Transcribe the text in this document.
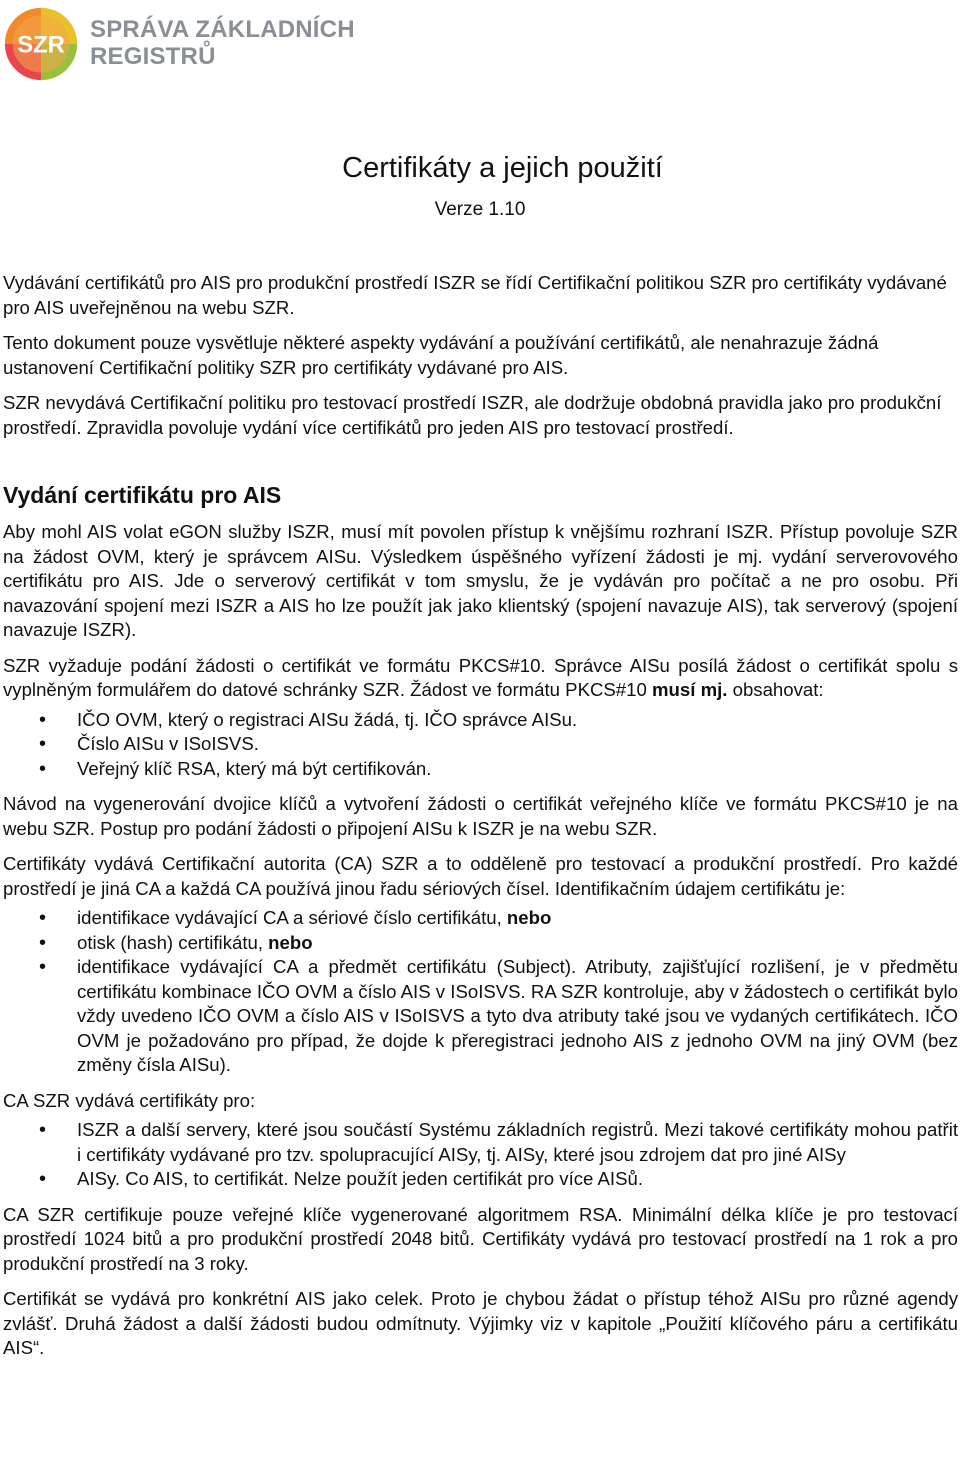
SZR
SPRÁVA ZÁKLADNÍCH
REGISTRŮ
Certifikáty a jejich použití
Verze 1.10

Vydávání certifikátů pro AIS pro produkční prostředí ISZR se řídí Certifikační politikou SZR pro certifikáty vydávané pro AIS uveřejněnou na webu SZR.

Tento dokument pouze vysvětluje některé aspekty vydávání a používání certifikátů, ale nenahrazuje žádná ustanovení Certifikační politiky SZR pro certifikáty vydávané pro AIS.

SZR nevydává Certifikační politiku pro testovací prostředí ISZR, ale dodržuje obdobná pravidla jako pro produkční prostředí. Zpravidla povoluje vydání více certifikátů pro jeden AIS pro testovací prostředí.

Vydání certifikátu pro AIS

Aby mohl AIS volat eGON služby ISZR, musí mít povolen přístup k vnějšímu rozhraní ISZR. Přístup povoluje SZR na žádost OVM, který je správcem AISu. Výsledkem úspěšného vyřízení žádosti je mj. vydání serverovového certifikátu pro AIS. Jde o serverový certifikát v tom smyslu, že je vydáván pro počítač a ne pro osobu. Při navazování spojení mezi ISZR a AIS ho lze použít jak jako klientský (spojení navazuje AIS), tak serverový (spojení navazuje ISZR).

SZR vyžaduje podání žádosti o certifikát ve formátu PKCS#10. Správce AISu posílá žádost o certifikát spolu s vyplněným formulářem do datové schránky SZR. Žádost ve formátu PKCS#10 musí mj. obsahovat:

• IČO OVM, který o registraci AISu žádá, tj. IČO správce AISu.
• Číslo AISu v ISoISVS.
• Veřejný klíč RSA, který má být certifikován.

Návod na vygenerování dvojice klíčů a vytvoření žádosti o certifikát veřejného klíče ve formátu PKCS#10 je na webu SZR. Postup pro podání žádosti o připojení AISu k ISZR je na webu SZR.

Certifikáty vydává Certifikační autorita (CA) SZR a to odděleně pro testovací a produkční prostředí. Pro každé prostředí je jiná CA a každá CA používá jinou řadu sériových čísel. Identifikačním údajem certifikátu je:

• identifikace vydávající CA a sériové číslo certifikátu, nebo
• otisk (hash) certifikátu, nebo
• identifikace vydávající CA a předmět certifikátu (Subject). Atributy, zajišťující rozlišení, je v předmětu certifikátu kombinace IČO OVM a číslo AIS v ISoISVS. RA SZR kontroluje, aby v žádostech o certifikát bylo vždy uvedeno IČO OVM a číslo AIS v ISoISVS a tyto dva atributy také jsou ve vydaných certifikátech. IČO OVM je požadováno pro případ, že dojde k přeregistraci jednoho AIS z jednoho OVM na jiný OVM (bez změny čísla AISu).

CA SZR vydává certifikáty pro:

• ISZR a další servery, které jsou součástí Systému základních registrů. Mezi takové certifikáty mohou patřit i certifikáty vydávané pro tzv. spolupracující AISy, tj. AISy, které jsou zdrojem dat pro jiné AISy
• AISy. Co AIS, to certifikát. Nelze použít jeden certifikát pro více AISů.

CA SZR certifikuje pouze veřejné klíče vygenerované algoritmem RSA. Minimální délka klíče je pro testovací prostředí 1024 bitů a pro produkční prostředí 2048 bitů. Certifikáty vydává pro testovací prostředí na 1 rok a pro produkční prostředí na 3 roky.

Certifikát se vydává pro konkrétní AIS jako celek. Proto je chybou žádat o přístup téhož AISu pro různé agendy zvlášť. Druhá žádost a další žádosti budou odmítnuty. Výjimky viz v kapitole „Použití klíčového páru a certifikátu AIS“.
